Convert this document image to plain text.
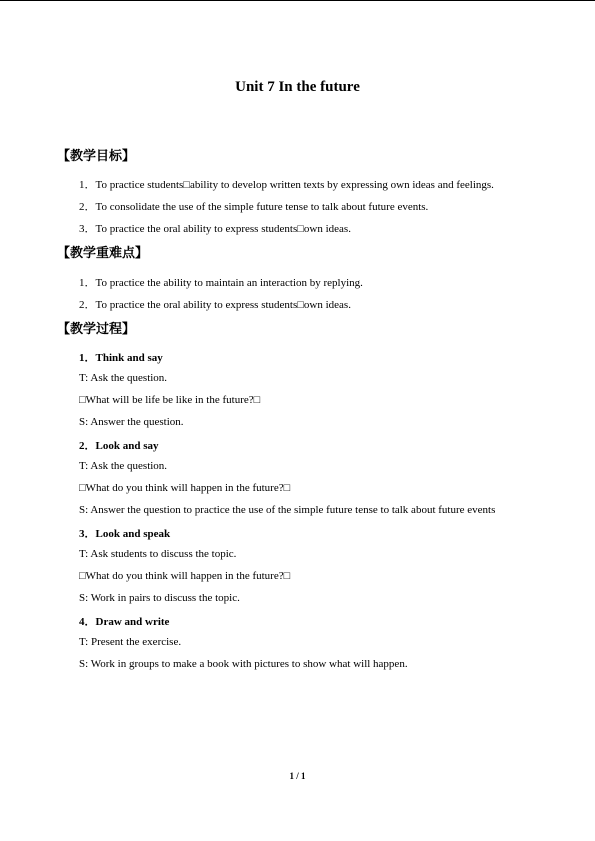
Unit 7 In the future
【教学目标】
1．To practice students□ability to develop written texts by expressing own ideas and feelings.
2．To consolidate the use of the simple future tense to talk about future events.
3．To practice the oral ability to express students□own ideas.
【教学重难点】
1．To practice the ability to maintain an interaction by replying.
2．To practice the oral ability to express students□own ideas.
【教学过程】
1．Think and say
T: Ask the question.
□What will be life be like in the future?□
S: Answer the question.
2．Look and say
T: Ask the question.
□What do you think will happen in the future?□
S: Answer the question to practice the use of the simple future tense to talk about future events
3．Look and speak
T: Ask students to discuss the topic.
□What do you think will happen in the future?□
S: Work in pairs to discuss the topic.
4．Draw and write
T: Present the exercise.
S: Work in groups to make a book with pictures to show what will happen.
1 / 1
